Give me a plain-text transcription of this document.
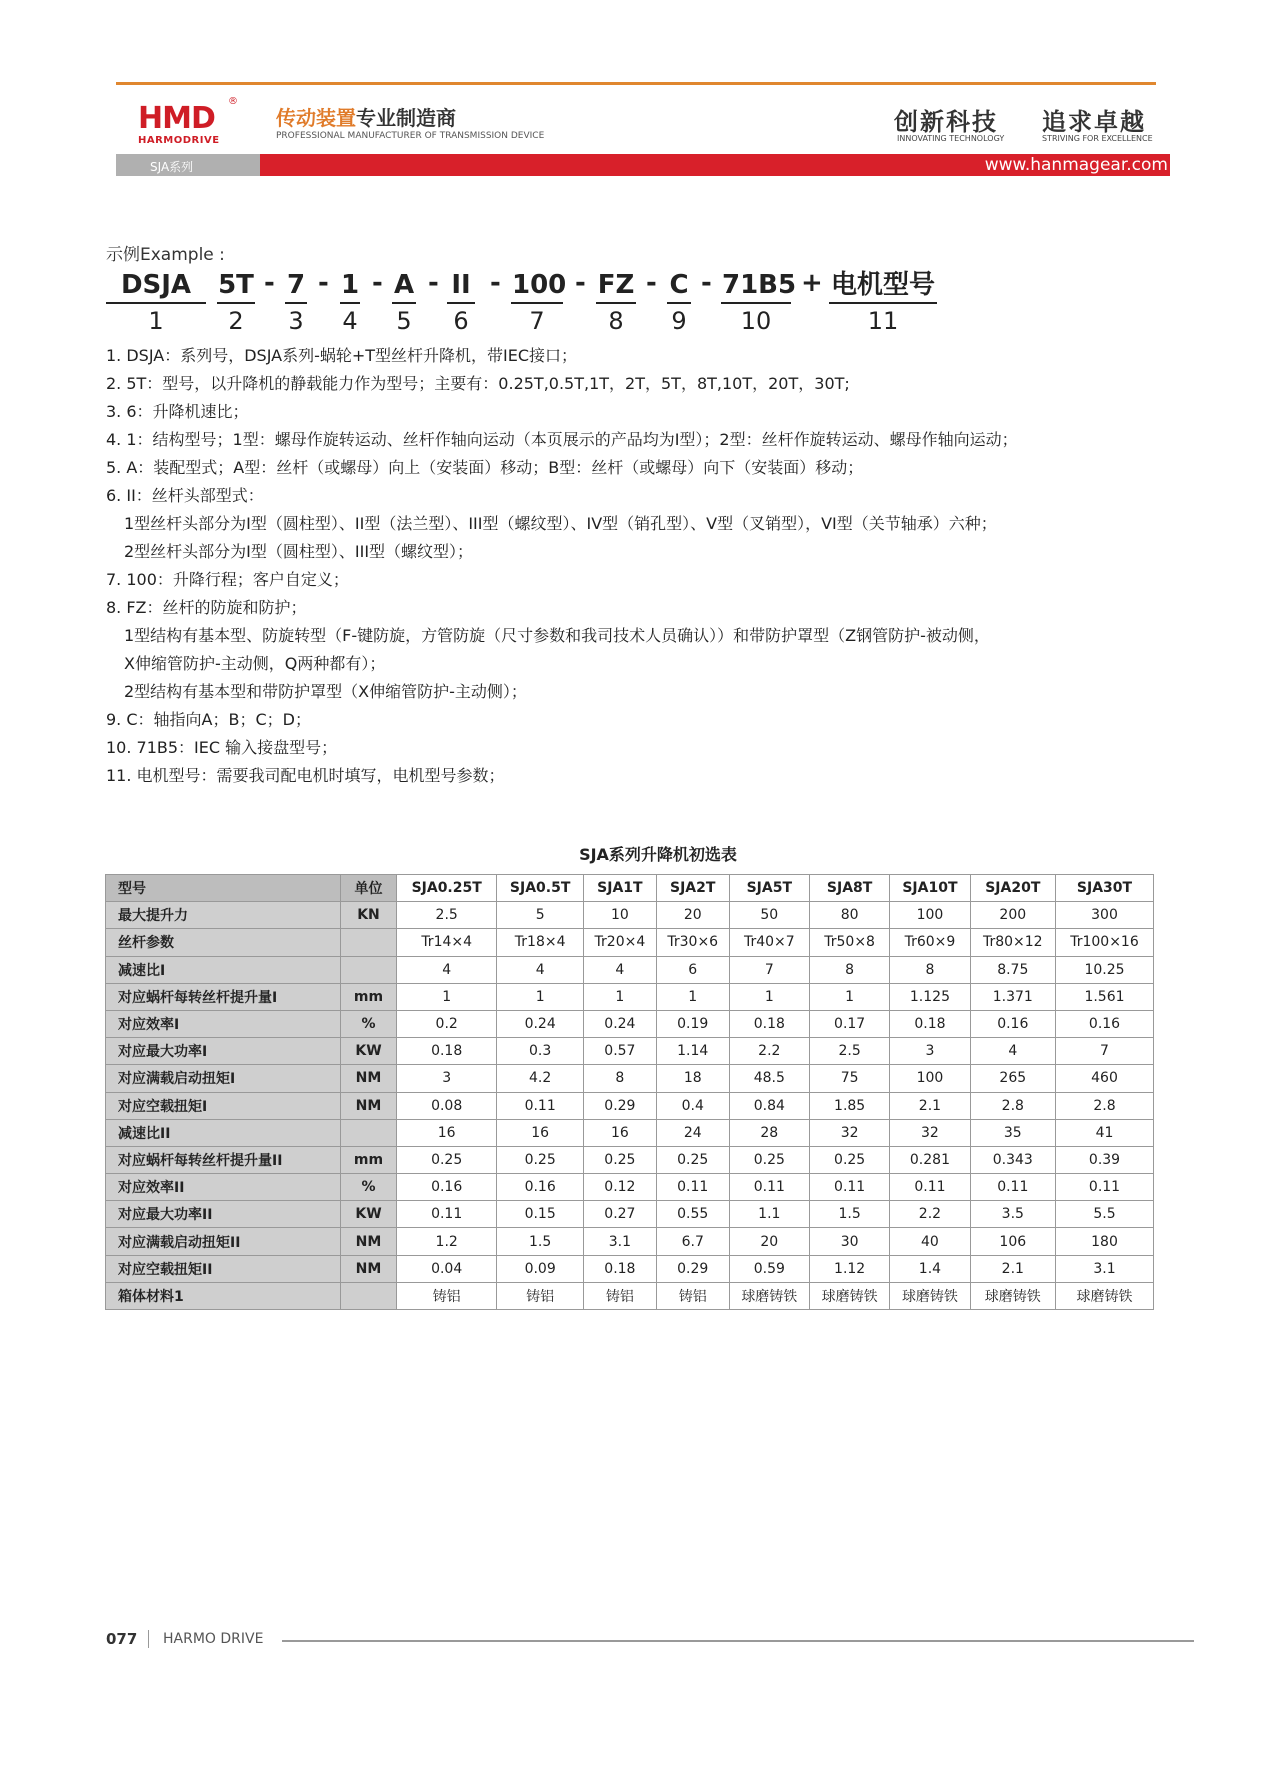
HMD ®
HARMODRIVE
传动装置专业制造商
PROFESSIONAL MANUFACTURER OF TRANSMISSION DEVICE	创新科技 追求卓越
INNOVATING TECHNOLOGY	STRIVING FOR EXCELLENCE
SJA系列	www.hanmagear.com
示例Example :
DSJA
1
5T
2
- 7
3
- 1
4
- A
5
- II
6
- 100
7
- FZ
8
- C
9
- 71B5
10
+ 电机型号
11
1. DSJA：系列号，DSJA系列-蜗轮+T型丝杆升降机，带IEC接口；
2. 5T：型号，以升降机的静载能力作为型号；主要有：0.25T,0.5T,1T，2T，5T，8T,10T，20T，30T;
3. 6：升降机速比；
4. 1：结构型号；1型：螺母作旋转运动、丝杆作轴向运动（本页展示的产品均为I型）；2型：丝杆作旋转运动、螺母作轴向运动；
5. A：装配型式；A型：丝杆（或螺母）向上（安装面）移动；B型：丝杆（或螺母）向下（安装面）移动；
6. II：丝杆头部型式：
1型丝杆头部分为I型（圆柱型）、II型（法兰型）、III型（螺纹型）、IV型（销孔型）、V型（叉销型），VI型（关节轴承）六种；
2型丝杆头部分为I型（圆柱型）、III型（螺纹型）；
7. 100：升降行程；客户自定义；
8. FZ：丝杆的防旋和防护；
1型结构有基本型、防旋转型（F-键防旋，方管防旋（尺寸参数和我司技术人员确认））和带防护罩型（Z钢管防护-被动侧，
X伸缩管防护-主动侧，Q两种都有）；
2型结构有基本型和带防护罩型（X伸缩管防护-主动侧）；
9. C：轴指向A；B；C；D；
10. 71B5：IEC 输入接盘型号；
11. 电机型号：需要我司配电机时填写，电机型号参数；
SJA系列升降机初选表
型号	单位	SJA0.25T	SJA0.5T	SJA1T	SJA2T	SJA5T	SJA8T	SJA10T	SJA20T	SJA30T
最大提升力	KN	2.5	5	10	20	50	80	100	200	300
丝杆参数		Tr14×4	Tr18×4	Tr20×4	Tr30×6	Tr40×7	Tr50×8	Tr60×9	Tr80×12	Tr100×16
减速比I		4	4	4	6	7	8	8	8.75	10.25
对应蜗杆每转丝杆提升量I	mm	1	1	1	1	1	1	1.125	1.371	1.561
对应效率I	%	0.2	0.24	0.24	0.19	0.18	0.17	0.18	0.16	0.16
对应最大功率I	KW	0.18	0.3	0.57	1.14	2.2	2.5	3	4	7
对应满载启动扭矩I	NM	3	4.2	8	18	48.5	75	100	265	460
对应空载扭矩I	NM	0.08	0.11	0.29	0.4	0.84	1.85	2.1	2.8	2.8
减速比II		16	16	16	24	28	32	32	35	41
对应蜗杆每转丝杆提升量II	mm	0.25	0.25	0.25	0.25	0.25	0.25	0.281	0.343	0.39
对应效率II	%	0.16	0.16	0.12	0.11	0.11	0.11	0.11	0.11	0.11
对应最大功率II	KW	0.11	0.15	0.27	0.55	1.1	1.5	2.2	3.5	5.5
对应满载启动扭矩II	NM	1.2	1.5	3.1	6.7	20	30	40	106	180
对应空载扭矩II	NM	0.04	0.09	0.18	0.29	0.59	1.12	1.4	2.1	3.1
箱体材料1		铸铝	铸铝	铸铝	铸铝	球磨铸铁	球磨铸铁	球磨铸铁	球磨铸铁	球磨铸铁
077 HARMO DRIVE
